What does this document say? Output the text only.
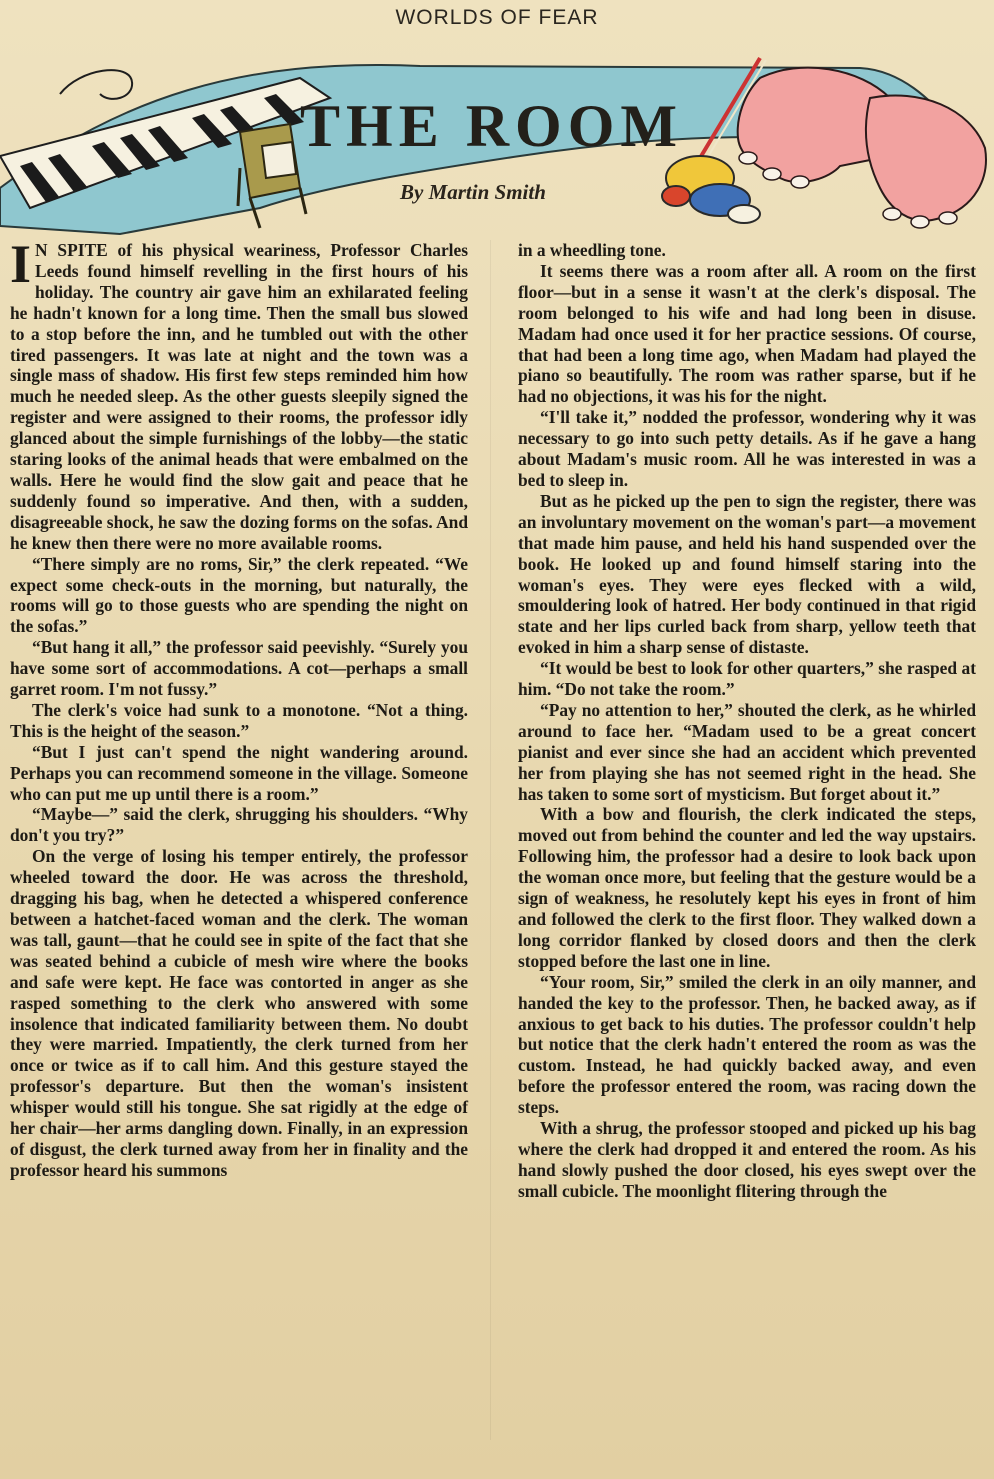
WORLDS OF FEAR
THE ROOM
By Martin Smith

I N SPITE of his physical weariness, Professor Charles Leeds found himself revelling in the first hours of his holiday. The country air gave him an exhilarated feeling he hadn't known for a long time. Then the small bus slowed to a stop before the inn, and he tumbled out with the other tired passengers. It was late at night and the town was a single mass of shadow. His first few steps reminded him how much he needed sleep. As the other guests sleepily signed the register and were assigned to their rooms, the professor idly glanced about the simple furnishings of the lobby—the static staring looks of the animal heads that were embalmed on the walls. Here he would find the slow gait and peace that he suddenly found so imperative. And then, with a sudden, disagreeable shock, he saw the dozing forms on the sofas. And he knew then there were no more available rooms.

“There simply are no roms, Sir,” the clerk repeated. “We expect some check-outs in the morning, but naturally, the rooms will go to those guests who are spending the night on the sofas.”

“But hang it all,” the professor said peevishly. “Surely you have some sort of accommodations. A cot—perhaps a small garret room. I'm not fussy.”

The clerk's voice had sunk to a monotone. “Not a thing. This is the height of the season.”

“But I just can't spend the night wandering around. Perhaps you can recommend someone in the village. Someone who can put me up until there is a room.”

“Maybe—” said the clerk, shrugging his shoulders. “Why don't you try?”

On the verge of losing his temper entirely, the professor wheeled toward the door. He was across the threshold, dragging his bag, when he detected a whispered conference between a hatchet-faced woman and the clerk. The woman was tall, gaunt—that he could see in spite of the fact that she was seated behind a cubicle of mesh wire where the books and safe were kept. He face was contorted in anger as she rasped something to the clerk who answered with some insolence that indicated familiarity between them. No doubt they were married. Impatiently, the clerk turned from her once or twice as if to call him. And this gesture stayed the professor's departure. But then the woman's insistent whisper would still his tongue. She sat rigidly at the edge of her chair—her arms dangling down. Finally, in an expression of disgust, the clerk turned away from her in finality and the professor heard his summons

in a wheedling tone.

It seems there was a room after all. A room on the first floor—but in a sense it wasn't at the clerk's disposal. The room belonged to his wife and had long been in disuse. Madam had once used it for her practice sessions. Of course, that had been a long time ago, when Madam had played the piano so beautifully. The room was rather sparse, but if he had no objections, it was his for the night.

“I'll take it,” nodded the professor, wondering why it was necessary to go into such petty details. As if he gave a hang about Madam's music room. All he was interested in was a bed to sleep in.

But as he picked up the pen to sign the register, there was an involuntary movement on the woman's part—a movement that made him pause, and held his hand suspended over the book. He looked up and found himself staring into the woman's eyes. They were eyes flecked with a wild, smouldering look of hatred. Her body continued in that rigid state and her lips curled back from sharp, yellow teeth that evoked in him a sharp sense of distaste.

“It would be best to look for other quarters,” she rasped at him. “Do not take the room.”

“Pay no attention to her,” shouted the clerk, as he whirled around to face her. “Madam used to be a great concert pianist and ever since she had an accident which prevented her from playing she has not seemed right in the head. She has taken to some sort of mysticism. But forget about it.”

With a bow and flourish, the clerk indicated the steps, moved out from behind the counter and led the way upstairs. Following him, the professor had a desire to look back upon the woman once more, but feeling that the gesture would be a sign of weakness, he resolutely kept his eyes in front of him and followed the clerk to the first floor. They walked down a long corridor flanked by closed doors and then the clerk stopped before the last one in line.

“Your room, Sir,” smiled the clerk in an oily manner, and handed the key to the professor. Then, he backed away, as if anxious to get back to his duties. The professor couldn't help but notice that the clerk hadn't entered the room as was the custom. Instead, he had quickly backed away, and even before the professor entered the room, was racing down the steps.

With a shrug, the professor stooped and picked up his bag where the clerk had dropped it and entered the room. As his hand slowly pushed the door closed, his eyes swept over the small cubicle. The moonlight flitering through the
